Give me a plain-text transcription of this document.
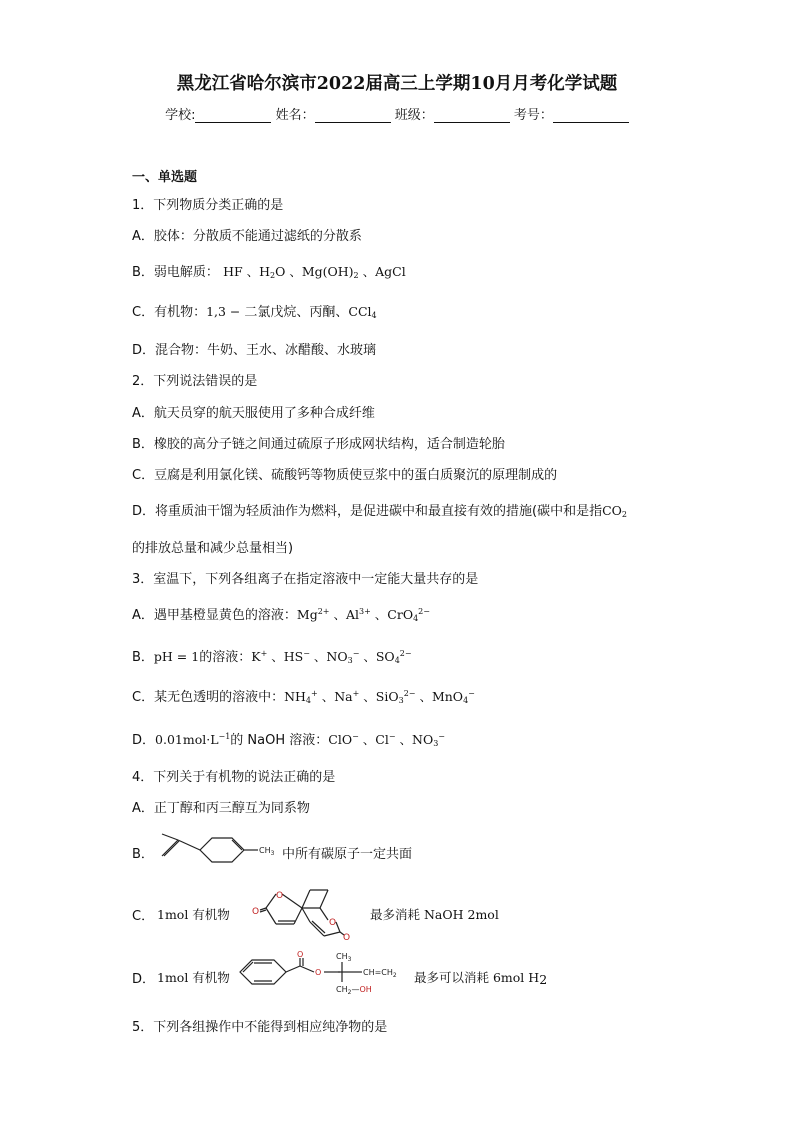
黑龙江省哈尔滨市2022届高三上学期10月月考化学试题
学校:	姓名：	班级：	考号：
一、单选题
1．下列物质分类正确的是
A．胶体：分散质不能通过滤纸的分散系
B．弱电解质： HF 、$H_2O$ 、$Mg(OH)_2$ 、AgCl
C．有机物：1,3 − 二氯戊烷、丙酮、CCl$_4$
D．混合物：牛奶、王水、冰醋酸、水玻璃
2．下列说法错误的是
A．航天员穿的航天服使用了多种合成纤维
B．橡胶的高分子链之间通过硫原子形成网状结构，适合制造轮胎
C．豆腐是利用氯化镁、硫酸钙等物质使豆浆中的蛋白质聚沉的原理制成的
D．将重质油干馏为轻质油作为燃料，是促进碳中和最直接有效的措施(碳中和是指$CO_2$
的排放总量和减少总量相当)
3．室温下，下列各组离子在指定溶液中一定能大量共存的是
A．遇甲基橙显黄色的溶液：$Mg^{2+}$ 、$Al^{3+}$ 、CrO$_4^{2-}$
B．pH = 1的溶液：K+ 、HS− 、$NO_3^-$ 、$SO_4^{2-}$
C．某无色透明的溶液中：$NH_4^+$ 、Na+ 、SiO$_3^{2-}$ 、MnO$_4$−
D．$0.01mol\cdot L^{-1}$的 NaOH 溶液：ClO− 、Cl− 、$NO_3^-$
4．下列关于有机物的说法正确的是
A．正丁醇和丙三醇互为同系物
B．	$CH_3$ 中所有碳原子一定共面
C． 1mol 有机物
O
O
O
O
最多消耗 NaOH 2mol
D． 1mol 有机物
O
O
$CH_3$
$CH=CH_2$
$CH_2—OH$
最多可以消耗 6mol $H_2$
5．下列各组操作中不能得到相应纯净物的是
